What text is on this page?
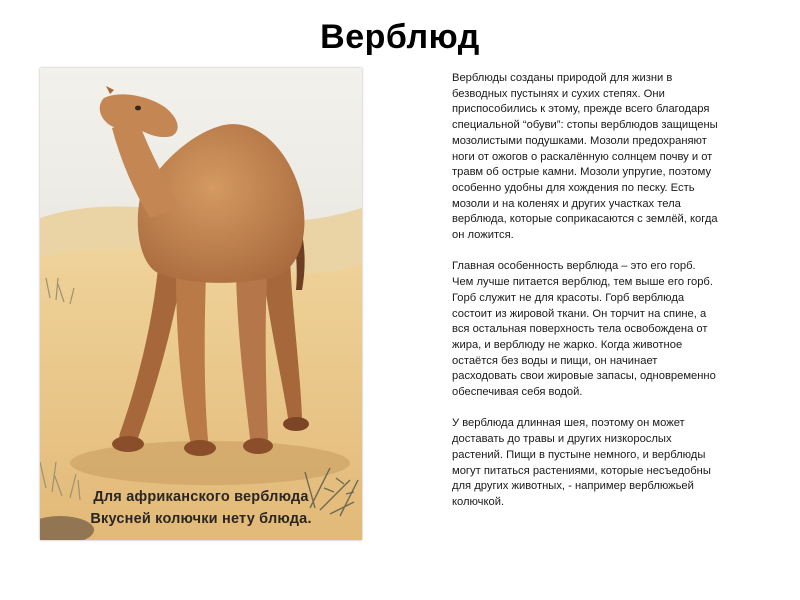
Верблюд
Для африканского верблюда
Вкусней колючки нету блюда.
Верблюды созданы природой для жизни в
безводных пустынях и сухих степях. Они
приспособились к этому, прежде всего благодаря
специальной “обуви”: стопы верблюдов защищены
мозолистыми подушками. Мозоли предохраняют
ноги от ожогов о раскалённую солнцем почву и от
травм об острые камни. Мозоли упругие, поэтому
особенно удобны для хождения по песку. Есть
мозоли и на коленях и других участках тела
верблюда, которые соприкасаются с землёй, когда
он ложится.
Главная особенность верблюда – это его горб.
Чем лучше питается верблюд, тем выше его горб.
Горб служит не для красоты. Горб верблюда
состоит из жировой ткани. Он торчит на спине, а
вся остальная поверхность тела освобождена от
жира, и верблюду не жарко. Когда животное
остаётся без воды и пищи, он начинает
расходовать свои жировые запасы, одновременно
обеспечивая себя водой.
У верблюда длинная шея, поэтому он может
доставать до травы и других низкорослых
растений. Пищи в пустыне немного, и верблюды
могут питаться растениями, которые несъедобны
для других животных, - например верблюжьей
колючкой.
